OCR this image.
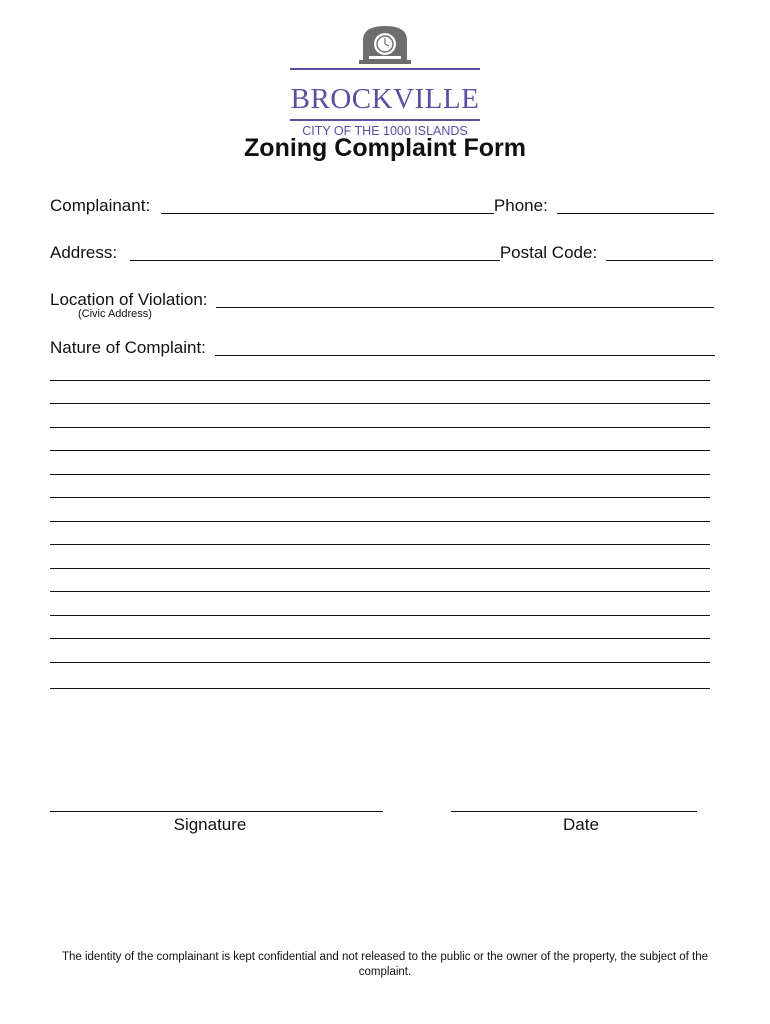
BROCKVILLE
CITY OF THE 1000 ISLANDS
Zoning Complaint Form
Complainant:	Phone:
Address:	Postal Code:
Location of Violation:
(Civic Address)
Nature of Complaint:
Signature	Date
The identity of the complainant is kept confidential and not released to the public or the owner of the property, the subject of the complaint.
